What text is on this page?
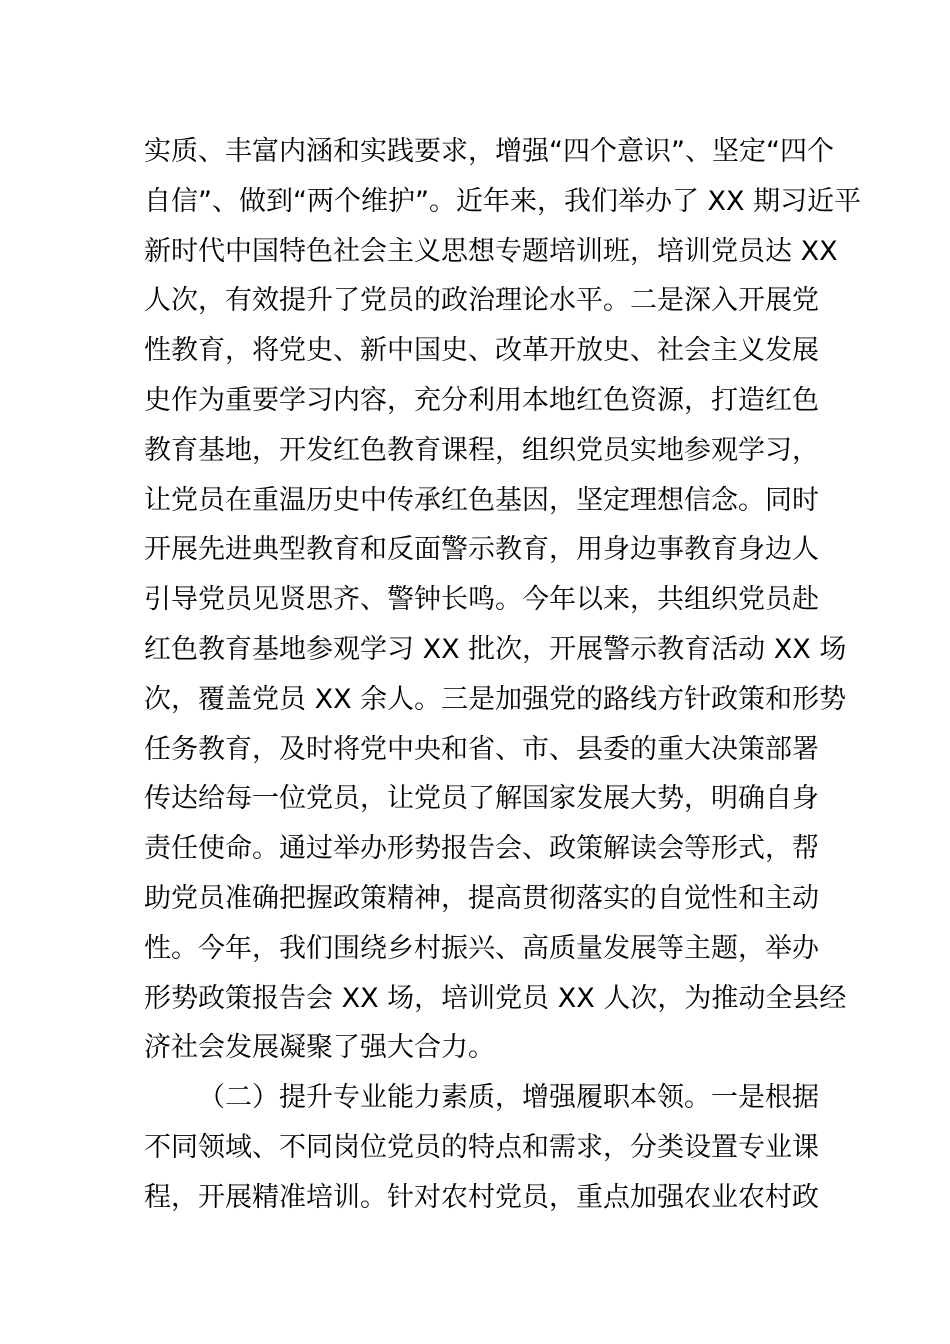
实质、丰富内涵和实践要求，增强“四个意识”、坚定“四个
自信”、做到“两个维护”。近年来，我们举办了 XX 期习近平
新时代中国特色社会主义思想专题培训班，培训党员达 XX
人次，有效提升了党员的政治理论水平。二是深入开展党
性教育，将党史、新中国史、改革开放史、社会主义发展
史作为重要学习内容，充分利用本地红色资源，打造红色
教育基地，开发红色教育课程，组织党员实地参观学习，
让党员在重温历史中传承红色基因，坚定理想信念。同时
开展先进典型教育和反面警示教育，用身边事教育身边人
引导党员见贤思齐、警钟长鸣。今年以来，共组织党员赴
红色教育基地参观学习 XX 批次，开展警示教育活动 XX 场
次，覆盖党员 XX 余人。三是加强党的路线方针政策和形势
任务教育，及时将党中央和省、市、县委的重大决策部署
传达给每一位党员，让党员了解国家发展大势，明确自身
责任使命。通过举办形势报告会、政策解读会等形式，帮
助党员准确把握政策精神，提高贯彻落实的自觉性和主动
性。今年，我们围绕乡村振兴、高质量发展等主题，举办
形势政策报告会 XX 场，培训党员 XX 人次，为推动全县经
济社会发展凝聚了强大合力。
（二）提升专业能力素质，增强履职本领。一是根据
不同领域、不同岗位党员的特点和需求，分类设置专业课
程，开展精准培训。针对农村党员，重点加强农业农村政
